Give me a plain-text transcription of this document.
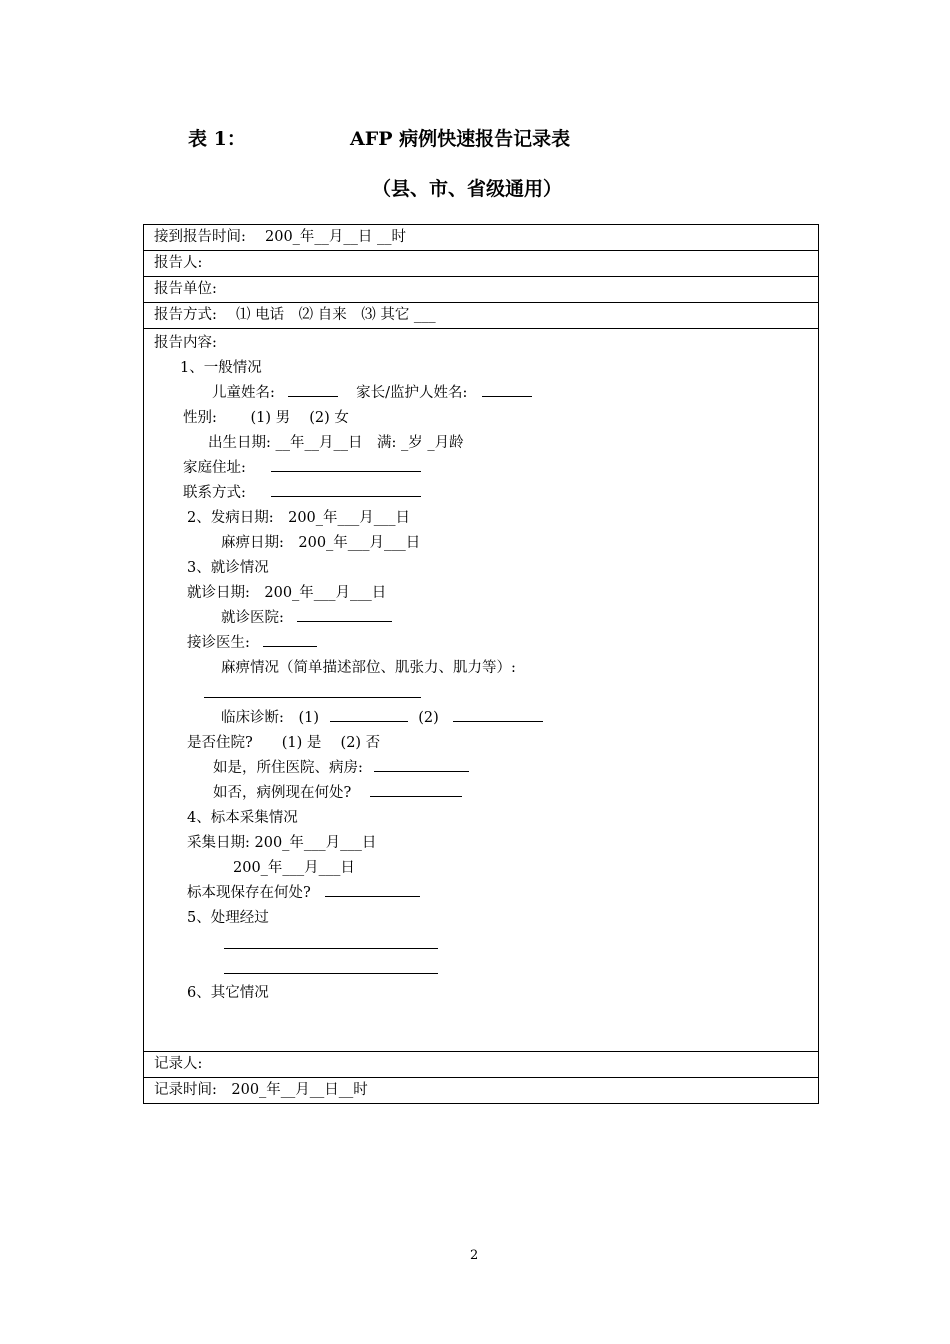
表 1：	AFP 病例快速报告记录表
（县、市、省级通用）
接到报告时间:　 200_年__月__日 __时
报告人:
报告单位:
报告方式:　 ⑴ 电话　⑵ 自来　⑶ 其它 ___

报告内容:
1、一般情况
儿童姓名:	家长/监护人姓名:
性别:　　 (1) 男　 (2) 女
出生日期: __年__月__日　满: _岁 _月龄
家庭住址:
联系方式:
2、发病日期:　200_年___月___日
麻痹日期:　200_年___月___日
3、就诊情况
就诊日期:　200_年___月___日
就诊医院:
接诊医生:
麻痹情况（简单描述部位、肌张力、肌力等）:
临床诊断: (1)	(2)
是否住院?　　(1) 是　 (2) 否
如是，所住医院、病房:
如否，病例现在何处?
4、标本采集情况
采集日期: 200_年___月___日
200_年___月___日
标本现保存在何处?
5、处理经过
6、其它情况

记录人:
记录时间:　200_年__月__日__时
2
